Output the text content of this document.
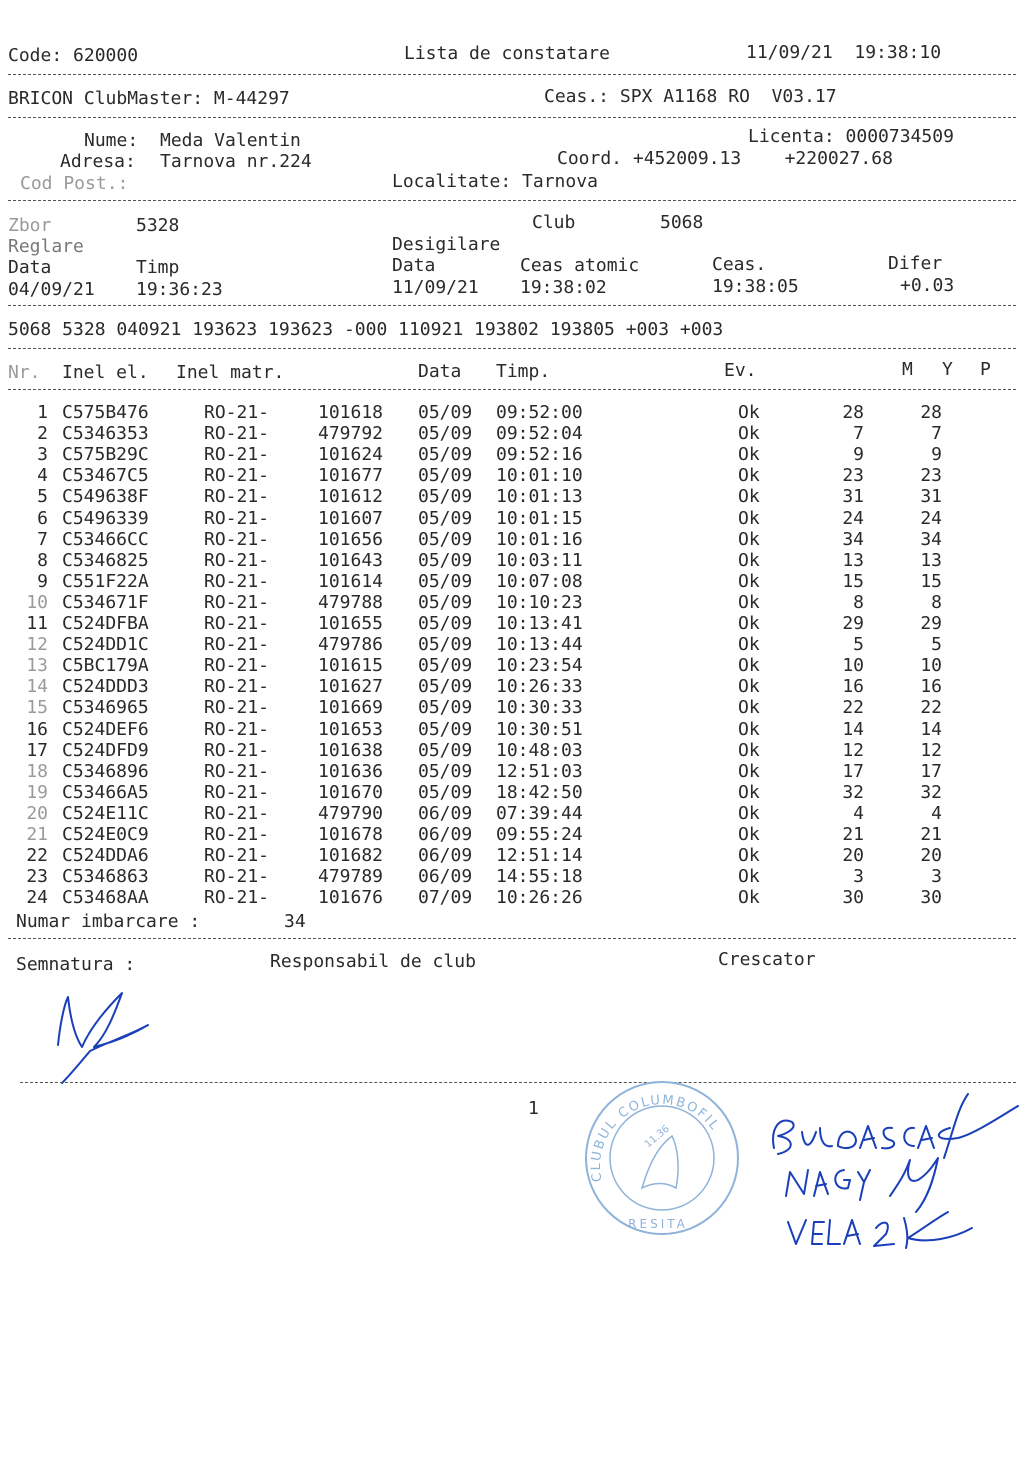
Code: 620000	Lista de constatare	11/09/21  19:38:10
BRICON ClubMaster: M-44297	Ceas.: SPX A1168 RO  V03.17
Nume: Meda Valentin
Adresa: Tarnova nr.224
Cod Post.:
Licenta: 0000734509
Coord. +452009.13    +220027.68
Localitate: Tarnova
Zbor	5328	Club	5068
Reglare	Desigilare
Data	Timp	Data	Ceas atomic	Ceas.	Difer
04/09/21 19:36:23	11/09/21 19:38:02	19:38:05	+0.03
5068 5328 040921 193623 193623 -000 110921 193802 193805 +003 +003
Nr. Inel el. Inel matr.	Data Timp.	Ev.	M Y P
1 C575B476	RO-21-	101618 05/09 09:52:00	Ok	28	28
2 C5346353	RO-21-	479792 05/09 09:52:04	Ok	7	7
3 C575B29C	RO-21-	101624 05/09 09:52:16	Ok	9	9
4 C53467C5	RO-21-	101677 05/09 10:01:10	Ok	23	23
5 C549638F	RO-21-	101612 05/09 10:01:13	Ok	31	31
6 C5496339	RO-21-	101607 05/09 10:01:15	Ok	24	24
7 C53466CC	RO-21-	101656 05/09 10:01:16	Ok	34	34
8 C5346825	RO-21-	101643 05/09 10:03:11	Ok	13	13
9 C551F22A	RO-21-	101614 05/09 10:07:08	Ok	15	15
10 C534671F	RO-21-	479788 05/09 10:10:23	Ok	8	8
11 C524DFBA	RO-21-	101655 05/09 10:13:41	Ok	29	29
12 C524DD1C	RO-21-	479786 05/09 10:13:44	Ok	5	5
13 C5BC179A	RO-21-	101615 05/09 10:23:54	Ok	10	10
14 C524DDD3	RO-21-	101627 05/09 10:26:33	Ok	16	16
15 C5346965	RO-21-	101669 05/09 10:30:33	Ok	22	22
16 C524DEF6	RO-21-	101653 05/09 10:30:51	Ok	14	14
17 C524DFD9	RO-21-	101638 05/09 10:48:03	Ok	12	12
18 C5346896	RO-21-	101636 05/09 12:51:03	Ok	17	17
19 C53466A5	RO-21-	101670 05/09 18:42:50	Ok	32	32
20 C524E11C	RO-21-	479790 06/09 07:39:44	Ok	4	4
21 C524E0C9	RO-21-	101678 06/09 09:55:24	Ok	21	21
22 C524DDA6	RO-21-	101682 06/09 12:51:14	Ok	20	20
23 C5346863	RO-21-	479789 06/09 14:55:18	Ok	3	3
24 C53468AA	RO-21-	101676 07/09 10:26:26	Ok	30	30
Numar imbarcare :	34
Semnatura :	Responsabil de club	Crescator
1
CLUBUL COLUMBOFIL
RESITA
11.36
